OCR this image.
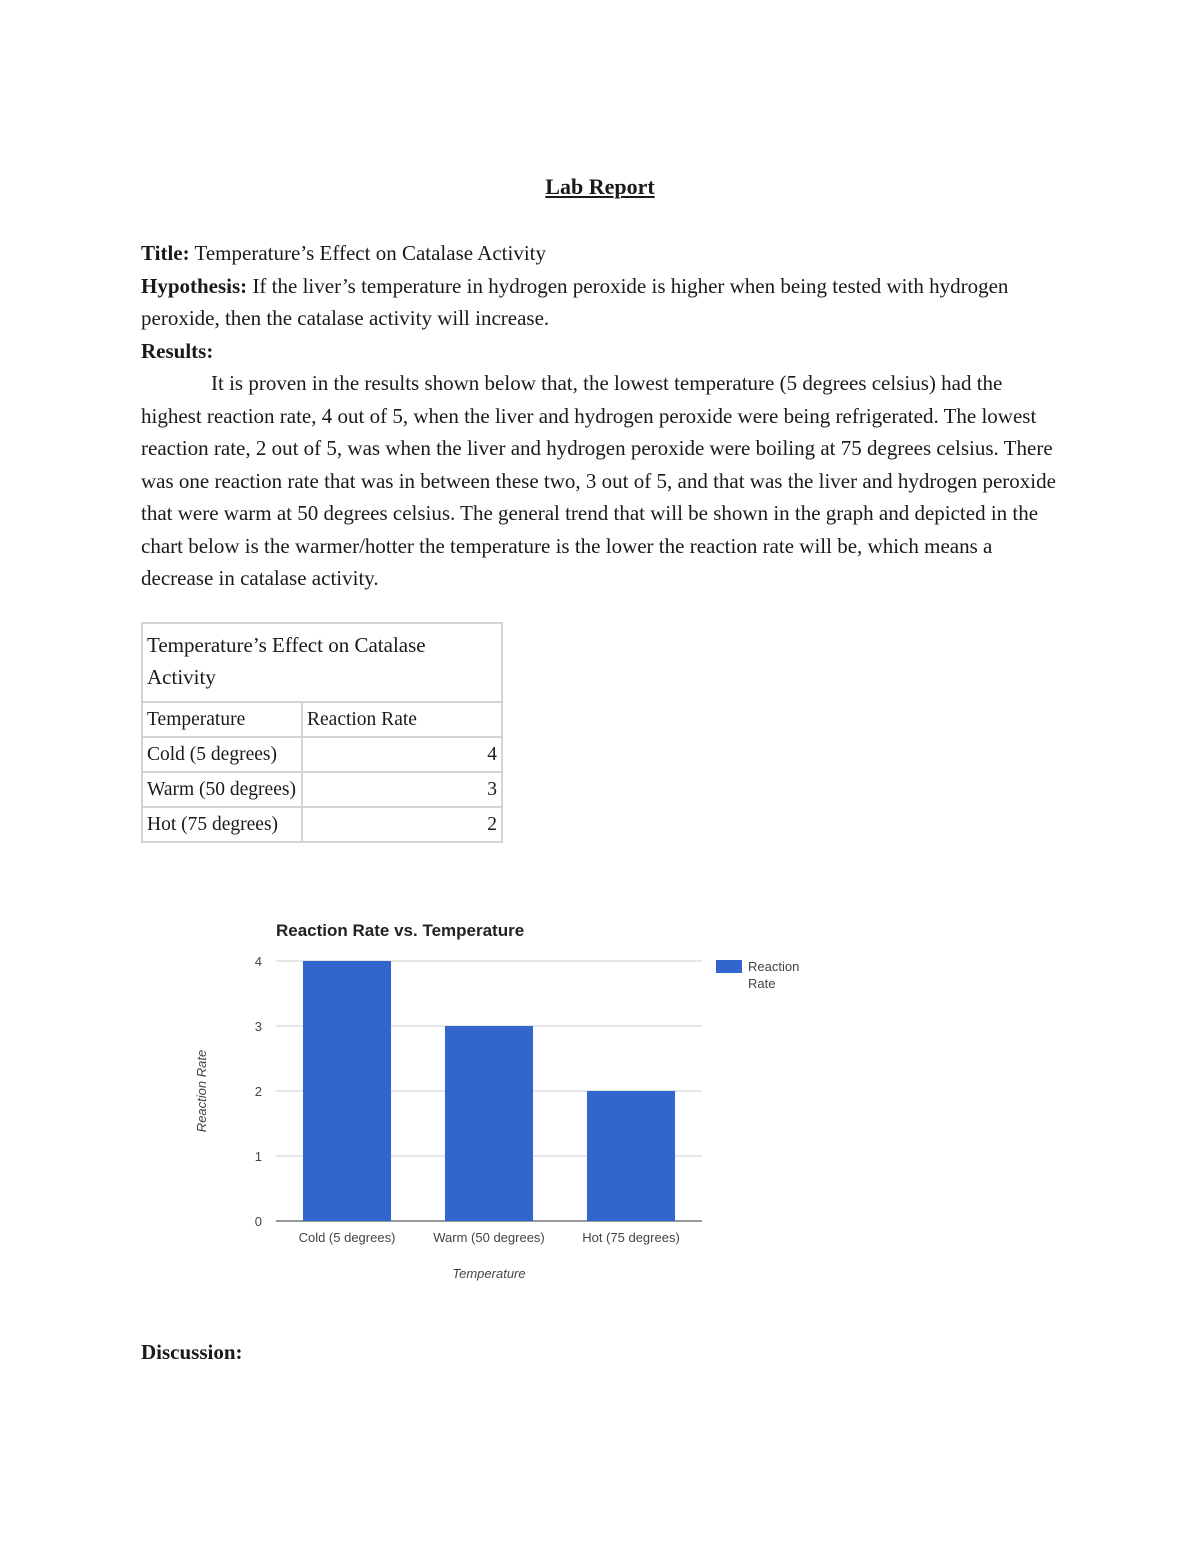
Lab Report

Title: Temperature’s Effect on Catalase Activity

Hypothesis: If the liver’s temperature in hydrogen peroxide is higher when being tested with hydrogen peroxide, then the catalase activity will increase.

Results:

It is proven in the results shown below that, the lowest temperature (5 degrees celsius) had the highest reaction rate, 4 out of 5, when the liver and hydrogen peroxide were being refrigerated. The lowest reaction rate, 2 out of 5, was when the liver and hydrogen peroxide were boiling at 75 degrees celsius. There was one reaction rate that was in between these two, 3 out of 5, and that was the liver and hydrogen peroxide that were warm at 50 degrees celsius. The general trend that will be shown in the graph and depicted in the chart below is the warmer/hotter the temperature is the lower the reaction rate will be, which means a decrease in catalase activity.

Temperature’s Effect on Catalase Activity	
Temperature	Reaction Rate
Cold (5 degrees)	4
Warm (50 degrees)	3
Hot (75 degrees)	2
Reaction Rate vs. Temperature
0
1
2
3
4
Cold (5 degrees)	Warm (50 degrees)	Hot (75 degrees)
Temperature
Reaction Rate
Reaction Rate

Discussion:
